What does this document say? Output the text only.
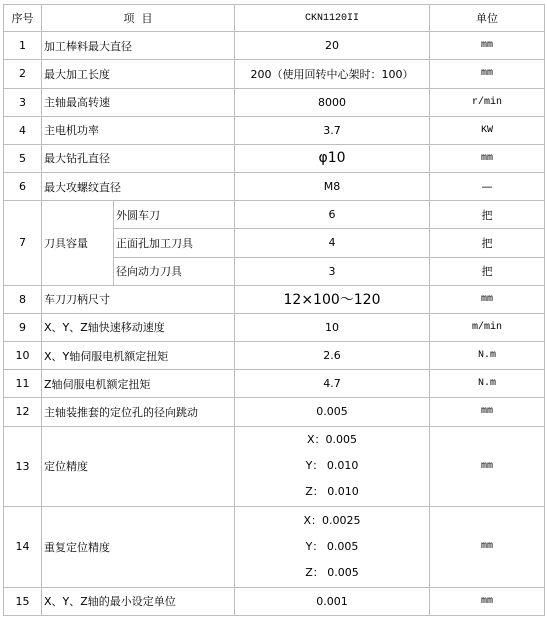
序号	项  目		CKN1120II	单位
1	加工棒料最大直径		20	mm
2	最大加工长度		200（使用回转中心架时：100）	mm
3	主轴最高转速		8000	r/min
4	主电机功率		3.7	KW
5	最大钻孔直径		φ10	mm
6	最大攻螺纹直径		M8	—
7	刀具容量	外圆车刀	6	把
		正面孔加工刀具	4	把
		径向动力刀具	3	把
8	车刀刀柄尺寸		12×100～120	mm
9	X、Y、Z轴快速移动速度		10	m/min
10	X、Y轴伺服电机额定扭矩		2.6	N.m
11	Z轴伺服电机额定扭矩		4.7	N.m
12	主轴装推套的定位孔的径向跳动		0.005	mm
13	定位精度		X：0.005
Y： 0.010
Z： 0.010	mm
14	重复定位精度		X：0.0025
Y： 0.005
Z： 0.005	mm
15	X、Y、Z轴的最小设定单位		0.001	mm
